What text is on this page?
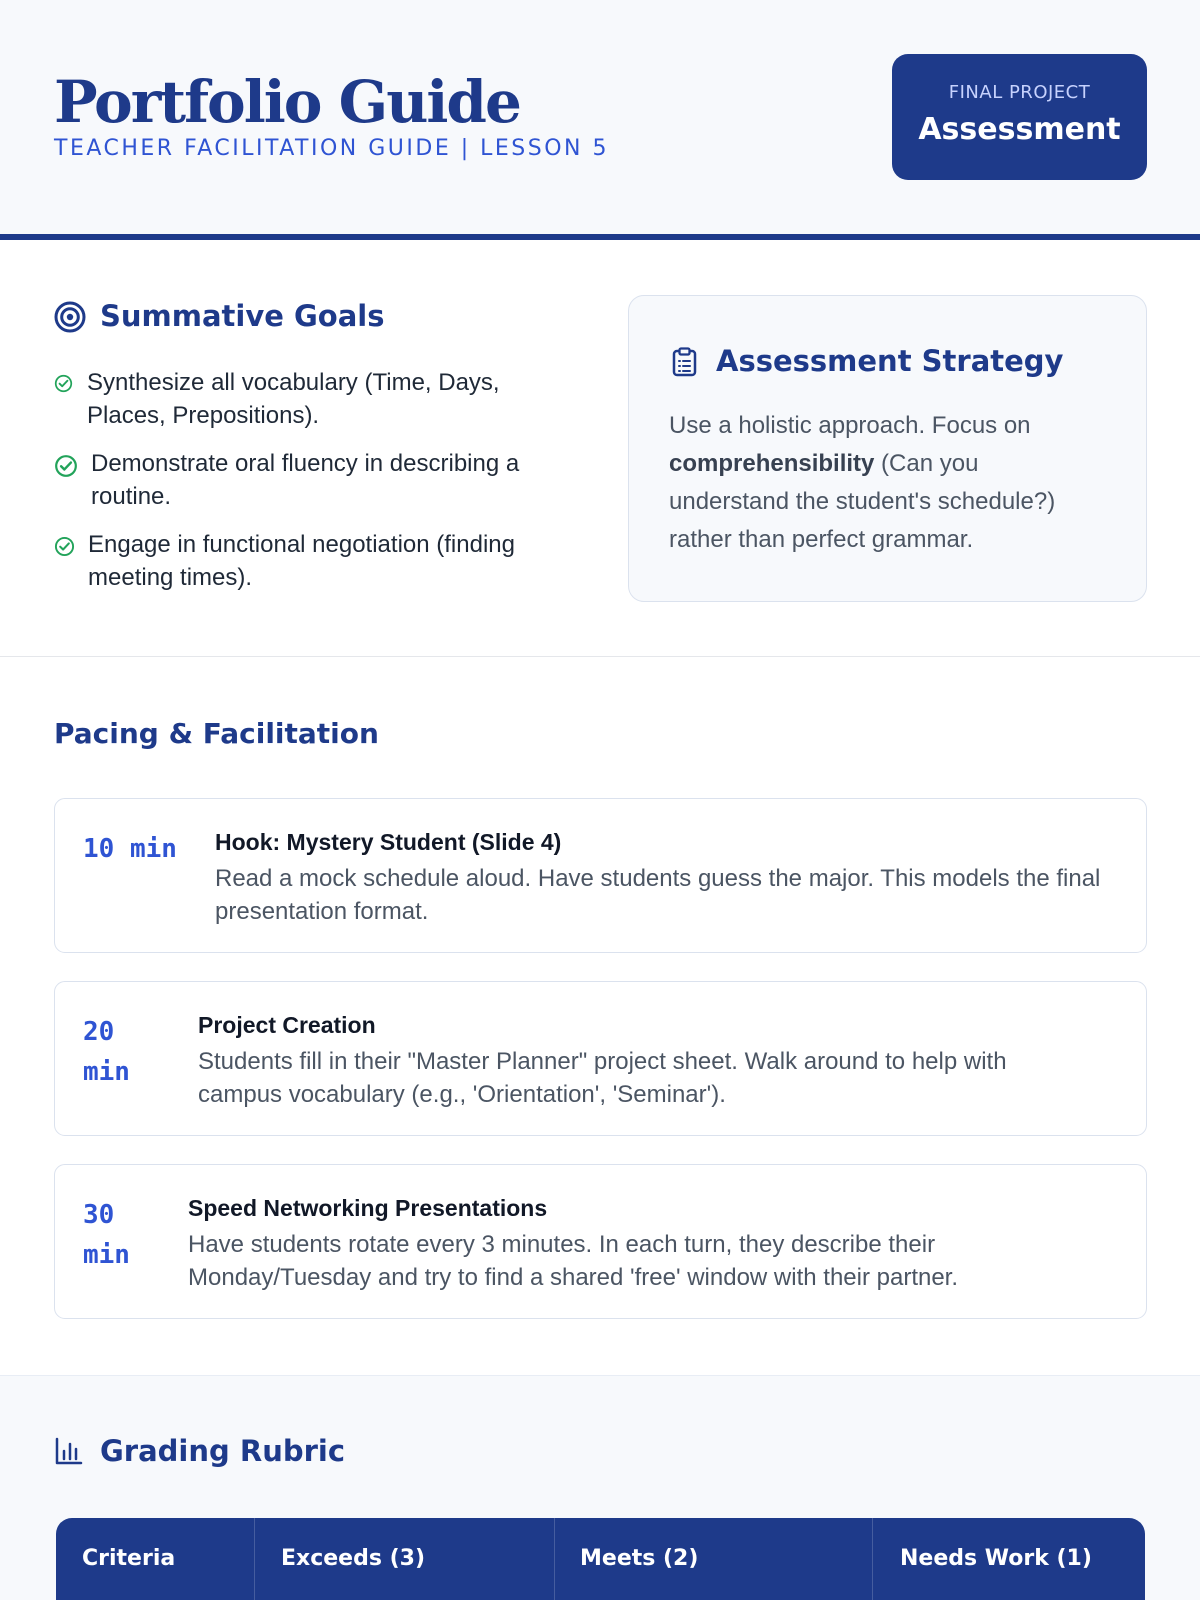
Portfolio Guide
TEACHER FACILITATION GUIDE | LESSON 5
FINAL PROJECT
Assessment
Summative Goals
Synthesize all vocabulary (Time, Days, Places, Prepositions).
Demonstrate oral fluency in describing a routine.
Engage in functional negotiation (finding meeting times).
Assessment Strategy

Use a holistic approach. Focus on comprehensibility (Can you understand the student's schedule?) rather than perfect grammar.

Pacing & Facilitation
10 min Hook: Mystery Student (Slide 4)
Read a mock schedule aloud. Have students guess the major. This models the final presentation format.
20 min
Project Creation
Students fill in their "Master Planner" project sheet. Walk around to help with campus vocabulary (e.g., 'Orientation', 'Seminar').
30 min
Speed Networking Presentations
Have students rotate every 3 minutes. In each turn, they describe their Monday/Tuesday and try to find a shared 'free' window with their partner.
Grading Rubric
Criteria	Exceeds (3)	Meets (2)	Needs Work (1)
